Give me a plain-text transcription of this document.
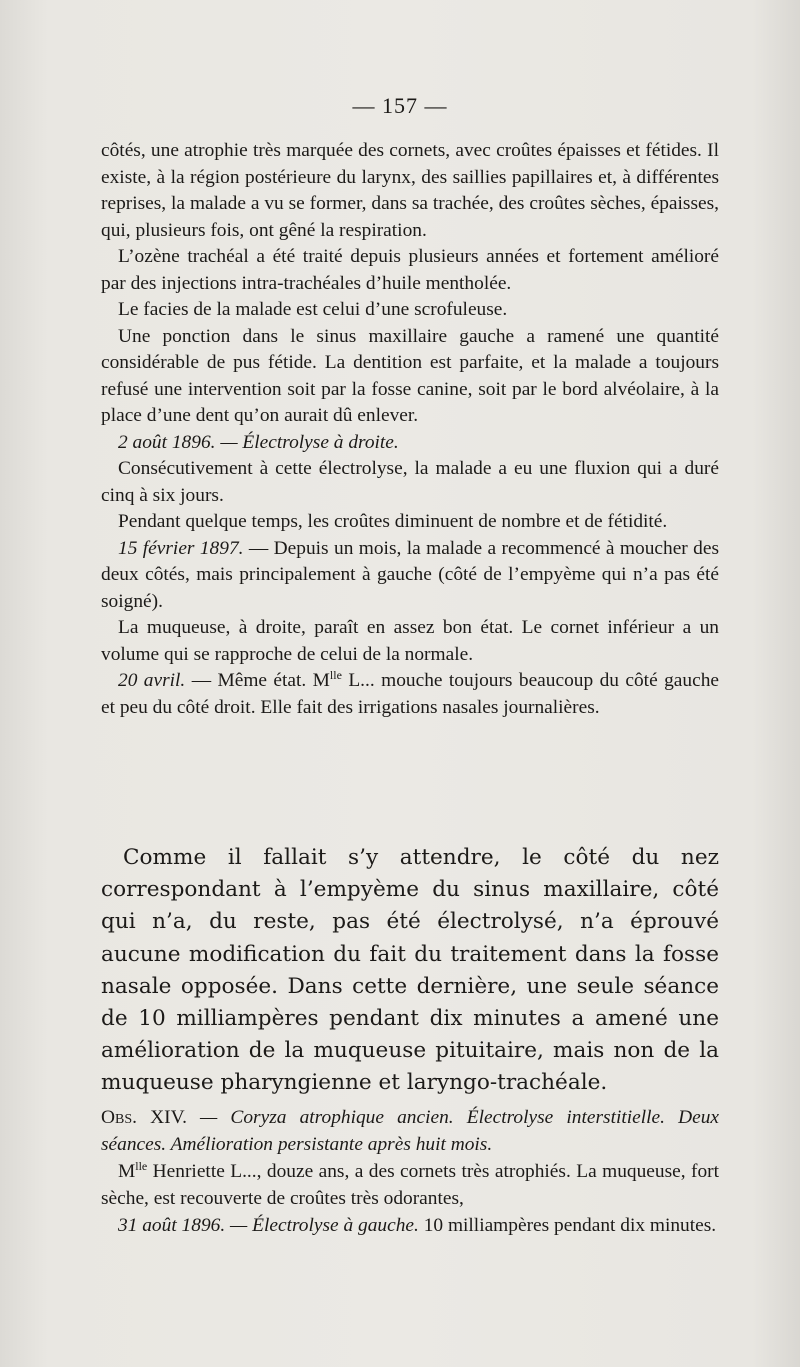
— 157 —

côtés, une atrophie très marquée des cornets, avec croûtes épaisses et fétides. Il existe, à la région postérieure du larynx, des saillies papillaires et, à différentes reprises, la malade a vu se former, dans sa trachée, des croûtes sèches, épaisses, qui, plusieurs fois, ont gêné la respiration.

L’ozène trachéal a été traité depuis plusieurs années et fortement amélioré par des injections intra-trachéales d’huile mentholée.

Le facies de la malade est celui d’une scrofuleuse.

Une ponction dans le sinus maxillaire gauche a ramené une quantité considérable de pus fétide. La dentition est parfaite, et la malade a toujours refusé une intervention soit par la fosse canine, soit par le bord alvéolaire, à la place d’une dent qu’on aurait dû enlever.

2 août 1896. — Électrolyse à droite.

Consécutivement à cette électrolyse, la malade a eu une fluxion qui a duré cinq à six jours.

Pendant quelque temps, les croûtes diminuent de nombre et de fétidité.

15 février 1897. — Depuis un mois, la malade a recommencé à moucher des deux côtés, mais principalement à gauche (côté de l’empyème qui n’a pas été soigné).

La muqueuse, à droite, paraît en assez bon état. Le cornet inférieur a un volume qui se rapproche de celui de la normale.

20 avril. — Même état. $M^{lle}$ L... mouche toujours beaucoup du côté gauche et peu du côté droit. Elle fait des irrigations nasales journalières.

Comme il fallait s’y attendre, le côté du nez correspondant à l’empyème du sinus maxillaire, côté qui n’a, du reste, pas été électrolysé, n’a éprouvé aucune modification du fait du traitement dans la fosse nasale opposée. Dans cette dernière, une seule séance de 10 milliampères pendant dix minutes a amené une amélioration de la muqueuse pituitaire, mais non de la muqueuse pharyngienne et laryngo-trachéale.

Obs. XIV. — Coryza atrophique ancien. Électrolyse interstitielle. Deux séances. Amélioration persistante après huit mois.

$M^{lle}$ Henriette L..., douze ans, a des cornets très atrophiés. La muqueuse, fort sèche, est recouverte de croûtes très odorantes,

31 août 1896. — Électrolyse à gauche. 10 milliampères pendant dix minutes.
